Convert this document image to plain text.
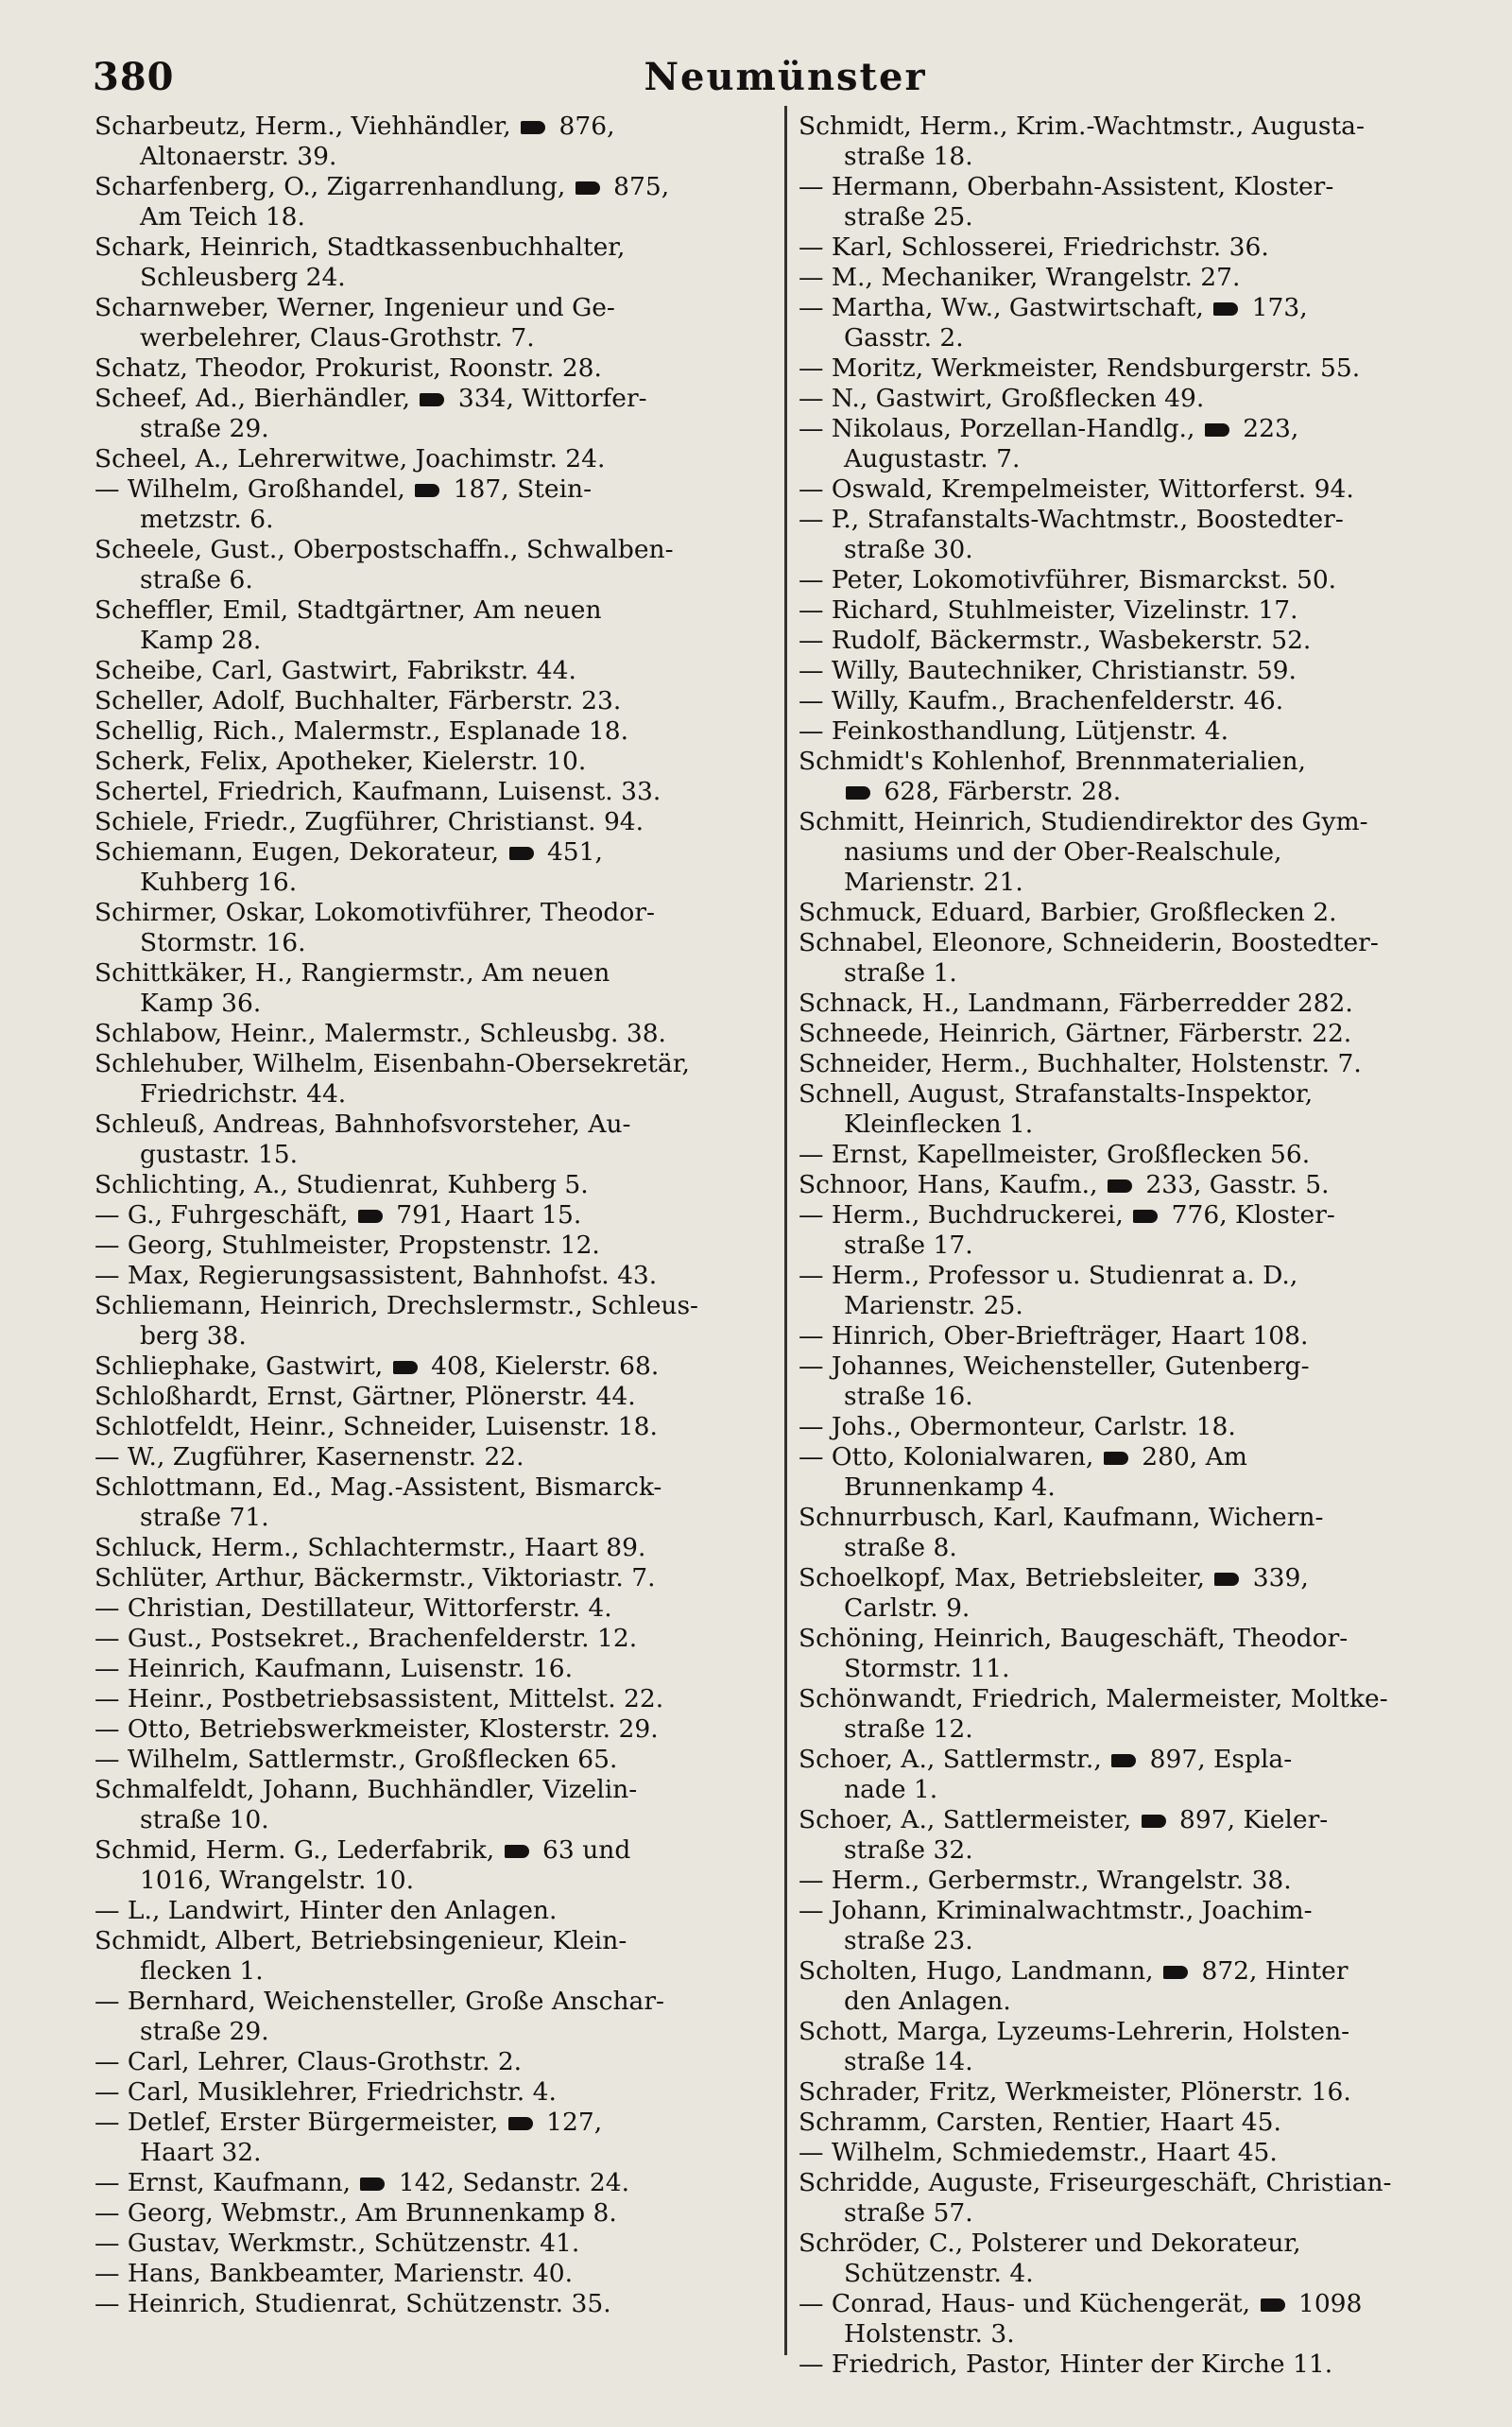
380	Neumünster
Scharbeutz, Herm., Viehhändler,  876,
Altonaerstr. 39.
Scharfenberg, O., Zigarrenhandlung,  875,
Am Teich 18.
Schark, Heinrich, Stadtkassenbuchhalter,
Schleusberg 24.
Scharnweber, Werner, Ingenieur und Ge-
werbelehrer, Claus-Grothstr. 7.
Schatz, Theodor, Prokurist, Roonstr. 28.
Scheef, Ad., Bierhändler,  334, Wittorfer-
straße 29.
Scheel, A., Lehrerwitwe, Joachimstr. 24.
— Wilhelm, Großhandel,  187, Stein-
metzstr. 6.
Scheele, Gust., Oberpostschaffn., Schwalben-
straße 6.
Scheffler, Emil, Stadtgärtner, Am neuen
Kamp 28.
Scheibe, Carl, Gastwirt, Fabrikstr. 44.
Scheller, Adolf, Buchhalter, Färberstr. 23.
Schellig, Rich., Malermstr., Esplanade 18.
Scherk, Felix, Apotheker, Kielerstr. 10.
Schertel, Friedrich, Kaufmann, Luisenst. 33.
Schiele, Friedr., Zugführer, Christianst. 94.
Schiemann, Eugen, Dekorateur,  451,
Kuhberg 16.
Schirmer, Oskar, Lokomotivführer, Theodor-
Stormstr. 16.
Schittkäker, H., Rangiermstr., Am neuen
Kamp 36.
Schlabow, Heinr., Malermstr., Schleusbg. 38.
Schlehuber, Wilhelm, Eisenbahn-Obersekretär,
Friedrichstr. 44.
Schleuß, Andreas, Bahnhofsvorsteher, Au-
gustastr. 15.
Schlichting, A., Studienrat, Kuhberg 5.
— G., Fuhrgeschäft,  791, Haart 15.
— Georg, Stuhlmeister, Propstenstr. 12.
— Max, Regierungsassistent, Bahnhofst. 43.
Schliemann, Heinrich, Drechslermstr., Schleus-
berg 38.
Schliephake, Gastwirt,  408, Kielerstr. 68.
Schloßhardt, Ernst, Gärtner, Plönerstr. 44.
Schlotfeldt, Heinr., Schneider, Luisenstr. 18.
— W., Zugführer, Kasernenstr. 22.
Schlottmann, Ed., Mag.-Assistent, Bismarck-
straße 71.
Schluck, Herm., Schlachtermstr., Haart 89.
Schlüter, Arthur, Bäckermstr., Viktoriastr. 7.
— Christian, Destillateur, Wittorferstr. 4.
— Gust., Postsekret., Brachenfelderstr. 12.
— Heinrich, Kaufmann, Luisenstr. 16.
— Heinr., Postbetriebsassistent, Mittelst. 22.
— Otto, Betriebswerkmeister, Klosterstr. 29.
— Wilhelm, Sattlermstr., Großflecken 65.
Schmalfeldt, Johann, Buchhändler, Vizelin-
straße 10.
Schmid, Herm. G., Lederfabrik,  63 und
1016, Wrangelstr. 10.
— L., Landwirt, Hinter den Anlagen.
Schmidt, Albert, Betriebsingenieur, Klein-
flecken 1.
— Bernhard, Weichensteller, Große Anschar-
straße 29.
— Carl, Lehrer, Claus-Grothstr. 2.
— Carl, Musiklehrer, Friedrichstr. 4.
— Detlef, Erster Bürgermeister,  127,
Haart 32.
— Ernst, Kaufmann,  142, Sedanstr. 24.
— Georg, Webmstr., Am Brunnenkamp 8.
— Gustav, Werkmstr., Schützenstr. 41.
— Hans, Bankbeamter, Marienstr. 40.
— Heinrich, Studienrat, Schützenstr. 35.
Schmidt, Herm., Krim.-Wachtmstr., Augusta-
straße 18.
— Hermann, Oberbahn-Assistent, Kloster-
straße 25.
— Karl, Schlosserei, Friedrichstr. 36.
— M., Mechaniker, Wrangelstr. 27.
— Martha, Ww., Gastwirtschaft,  173,
Gasstr. 2.
— Moritz, Werkmeister, Rendsburgerstr. 55.
— N., Gastwirt, Großflecken 49.
— Nikolaus, Porzellan-Handlg.,  223,
Augustastr. 7.
— Oswald, Krempelmeister, Wittorferst. 94.
— P., Strafanstalts-Wachtmstr., Boostedter-
straße 30.
— Peter, Lokomotivführer, Bismarckst. 50.
— Richard, Stuhlmeister, Vizelinstr. 17.
— Rudolf, Bäckermstr., Wasbekerstr. 52.
— Willy, Bautechniker, Christianstr. 59.
— Willy, Kaufm., Brachenfelderstr. 46.
— Feinkosthandlung, Lütjenstr. 4.
Schmidt's Kohlenhof, Brennmaterialien,
628, Färberstr. 28.
Schmitt, Heinrich, Studiendirektor des Gym-
nasiums und der Ober-Realschule,
Marienstr. 21.
Schmuck, Eduard, Barbier, Großflecken 2.
Schnabel, Eleonore, Schneiderin, Boostedter-
straße 1.
Schnack, H., Landmann, Färberredder 282.
Schneede, Heinrich, Gärtner, Färberstr. 22.
Schneider, Herm., Buchhalter, Holstenstr. 7.
Schnell, August, Strafanstalts-Inspektor,
Kleinflecken 1.
— Ernst, Kapellmeister, Großflecken 56.
Schnoor, Hans, Kaufm.,  233, Gasstr. 5.
— Herm., Buchdruckerei,  776, Kloster-
straße 17.
— Herm., Professor u. Studienrat a. D.,
Marienstr. 25.
— Hinrich, Ober-Briefträger, Haart 108.
— Johannes, Weichensteller, Gutenberg-
straße 16.
— Johs., Obermonteur, Carlstr. 18.
— Otto, Kolonialwaren,  280, Am
Brunnenkamp 4.
Schnurrbusch, Karl, Kaufmann, Wichern-
straße 8.
Schoelkopf, Max, Betriebsleiter,  339,
Carlstr. 9.
Schöning, Heinrich, Baugeschäft, Theodor-
Stormstr. 11.
Schönwandt, Friedrich, Malermeister, Moltke-
straße 12.
Schoer, A., Sattlermstr.,  897, Espla-
nade 1.
Schoer, A., Sattlermeister,  897, Kieler-
straße 32.
— Herm., Gerbermstr., Wrangelstr. 38.
— Johann, Kriminalwachtmstr., Joachim-
straße 23.
Scholten, Hugo, Landmann,  872, Hinter
den Anlagen.
Schott, Marga, Lyzeums-Lehrerin, Holsten-
straße 14.
Schrader, Fritz, Werkmeister, Plönerstr. 16.
Schramm, Carsten, Rentier, Haart 45.
— Wilhelm, Schmiedemstr., Haart 45.
Schridde, Auguste, Friseurgeschäft, Christian-
straße 57.
Schröder, C., Polsterer und Dekorateur,
Schützenstr. 4.
— Conrad, Haus- und Küchengerät,  1098
Holstenstr. 3.
— Friedrich, Pastor, Hinter der Kirche 11.
